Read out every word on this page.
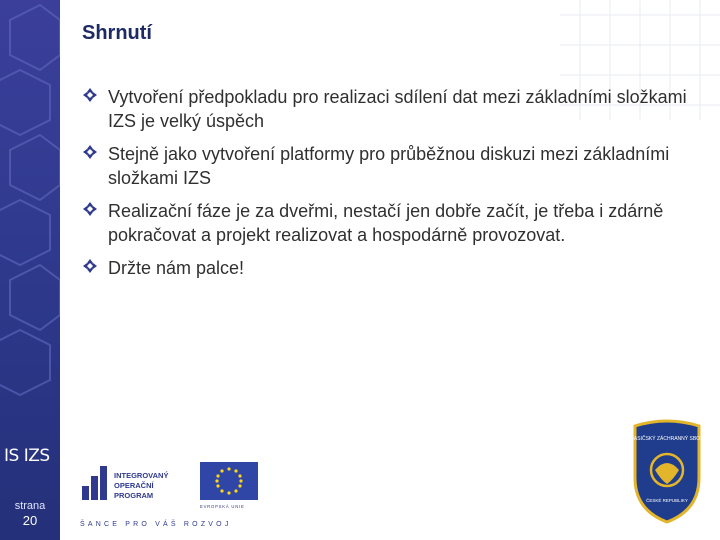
IS IZS
strana
20
Shrnutí
Vytvoření předpokladu pro realizaci sdílení dat mezi základními složkami IZS je velký úspěch
Stejně jako vytvoření platformy pro průběžnou diskuzi mezi základními složkami IZS
Realizační fáze je za dveřmi, nestačí jen dobře začít, je třeba i zdárně pokračovat a projekt realizovat a hospodárně provozovat.
Držte nám palce!
INTEGROVANÝ
OPERAČNÍ
PROGRAM
EVROPSKÁ UNIE
ŠANCE PRO VÁŠ ROZVOJ
HASIČSKÝ ZÁCHRANNÝ SBOR
ČESKÉ REPUBLIKY
